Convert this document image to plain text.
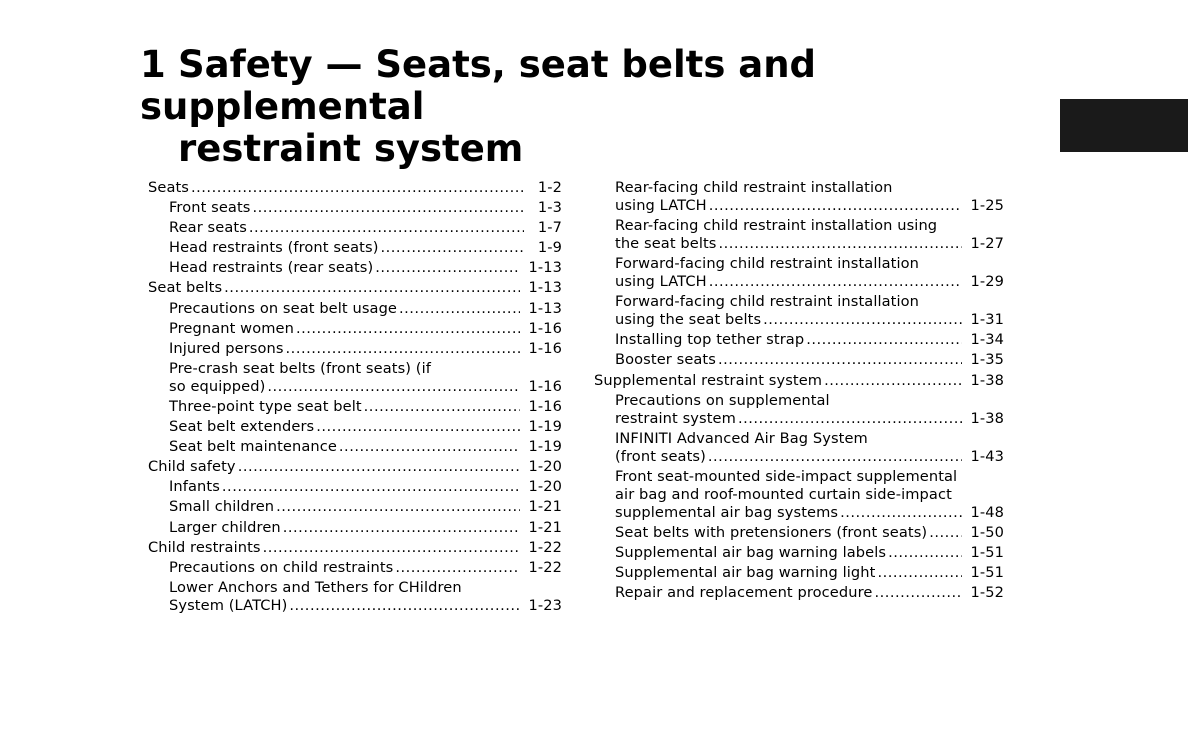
1 Safety — Seats, seat belts and supplemental
restraint system
Seats .....	1-2
Front seats .....	1-3
Rear seats .....	1-7
Head restraints (front seats) .....	1-9
Head restraints (rear seats) .....	1-13
Seat belts .....	1-13
Precautions on seat belt usage .....	1-13
Pregnant women .....	1-16
Injured persons .....	1-16
Pre-crash seat belts (front seats) (if
so equipped) .....	1-16
Three-point type seat belt .....	1-16
Seat belt extenders .....	1-19
Seat belt maintenance .....	1-19
Child safety .....	1-20
Infants .....	1-20
Small children .....	1-21
Larger children .....	1-21
Child restraints .....	1-22
Precautions on child restraints .....	1-22
Lower Anchors and Tethers for CHildren
System (LATCH) .....	1-23
Rear-facing child restraint installation
using LATCH .....	1-25
Rear-facing child restraint installation using
the seat belts .....	1-27
Forward-facing child restraint installation
using LATCH .....	1-29
Forward-facing child restraint installation
using the seat belts .....	1-31
Installing top tether strap .....	1-34
Booster seats .....	1-35
Supplemental restraint system .....	1-38
Precautions on supplemental
restraint system .....	1-38
INFINITI Advanced Air Bag System
(front seats) .....	1-43
Front seat-mounted side-impact supplemental
air bag and roof-mounted curtain side-impact
supplemental air bag systems .....	1-48
Seat belts with pretensioners (front seats) .....	1-50
Supplemental air bag warning labels .....	1-51
Supplemental air bag warning light .....	1-51
Repair and replacement procedure .....	1-52
